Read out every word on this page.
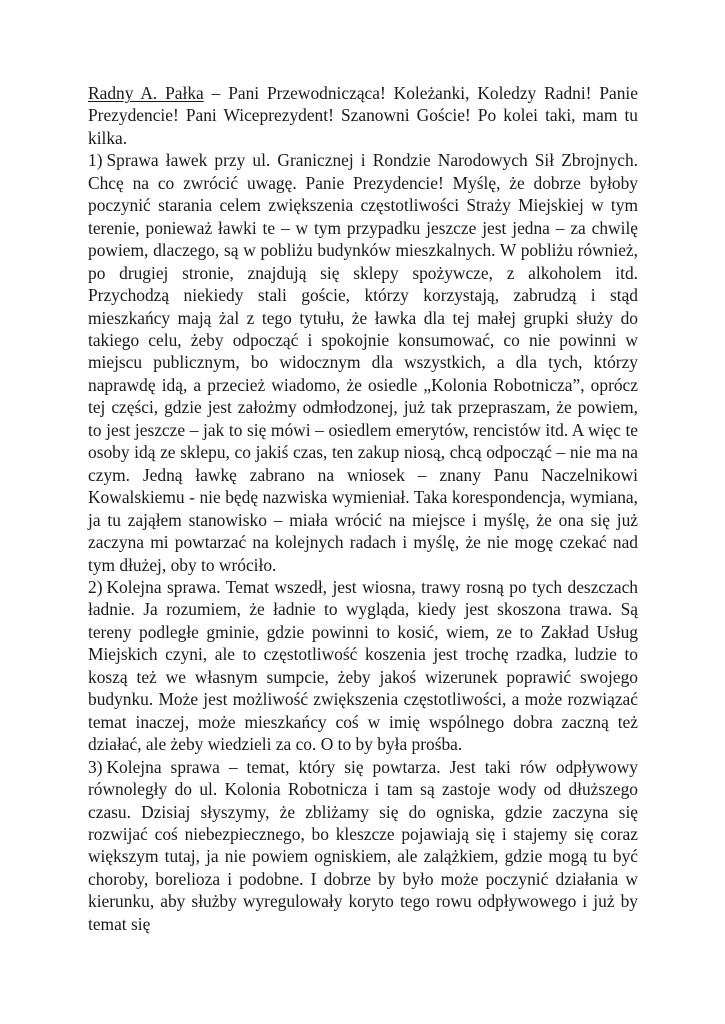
Radny A. Pałka – Pani Przewodnicząca! Koleżanki, Koledzy Radni! Panie Prezydencie! Pani Wiceprezydent! Szanowni Goście! Po kolei taki, mam tu kilka.

1) Sprawa ławek przy ul. Granicznej i Rondzie Narodowych Sił Zbrojnych. Chcę na co zwrócić uwagę. Panie Prezydencie! Myślę, że dobrze byłoby poczynić starania celem zwiększenia częstotliwości Straży Miejskiej w tym terenie, ponieważ ławki te – w tym przypadku jeszcze jest jedna – za chwilę powiem, dlaczego, są w pobliżu budynków mieszkalnych. W pobliżu również, po drugiej stronie, znajdują się sklepy spożywcze, z alkoholem itd. Przychodzą niekiedy stali goście, którzy korzystają, zabrudzą i stąd mieszkańcy mają żal z tego tytułu, że ławka dla tej małej grupki służy do takiego celu, żeby odpocząć i spokojnie konsumować, co nie powinni w miejscu publicznym, bo widocznym dla wszystkich, a dla tych, którzy naprawdę idą, a przecież wiadomo, że osiedle „Kolonia Robotnicza”, oprócz tej części, gdzie jest założmy odmłodzonej, już tak przepraszam, że powiem, to jest jeszcze – jak to się mówi – osiedlem emerytów, rencistów itd. A więc te osoby idą ze sklepu, co jakiś czas, ten zakup niosą, chcą odpocząć – nie ma na czym. Jedną ławkę zabrano na wniosek – znany Panu Naczelnikowi Kowalskiemu - nie będę nazwiska wymieniał. Taka korespondencja, wymiana, ja tu zająłem stanowisko – miała wrócić na miejsce i myślę, że ona się już zaczyna mi powtarzać na kolejnych radach i myślę, że nie mogę czekać nad tym dłużej, oby to wróciło.

2) Kolejna sprawa. Temat wszedł, jest wiosna, trawy rosną po tych deszczach ładnie. Ja rozumiem, że ładnie to wygląda, kiedy jest skoszona trawa. Są tereny podległe gminie, gdzie powinni to kosić, wiem, ze to Zakład Usług Miejskich czyni, ale to częstotliwość koszenia jest trochę rzadka, ludzie to koszą też we własnym sumpcie, żeby jakoś wizerunek poprawić swojego budynku. Może jest możliwość zwiększenia częstotliwości, a może rozwiązać temat inaczej, może mieszkańcy coś w imię wspólnego dobra zaczną też działać, ale żeby wiedzieli za co. O to by była prośba.

3) Kolejna sprawa – temat, który się powtarza. Jest taki rów odpływowy równoległy do ul. Kolonia Robotnicza i tam są zastoje wody od dłuższego czasu. Dzisiaj słyszymy, że zbliżamy się do ogniska, gdzie zaczyna się rozwijać coś niebezpiecznego, bo kleszcze pojawiają się i stajemy się coraz większym tutaj, ja nie powiem ogniskiem, ale zalążkiem, gdzie mogą tu być choroby, borelioza i podobne. I dobrze by było może poczynić działania w kierunku, aby służby wyregulowały koryto tego rowu odpływowego i już by temat się
